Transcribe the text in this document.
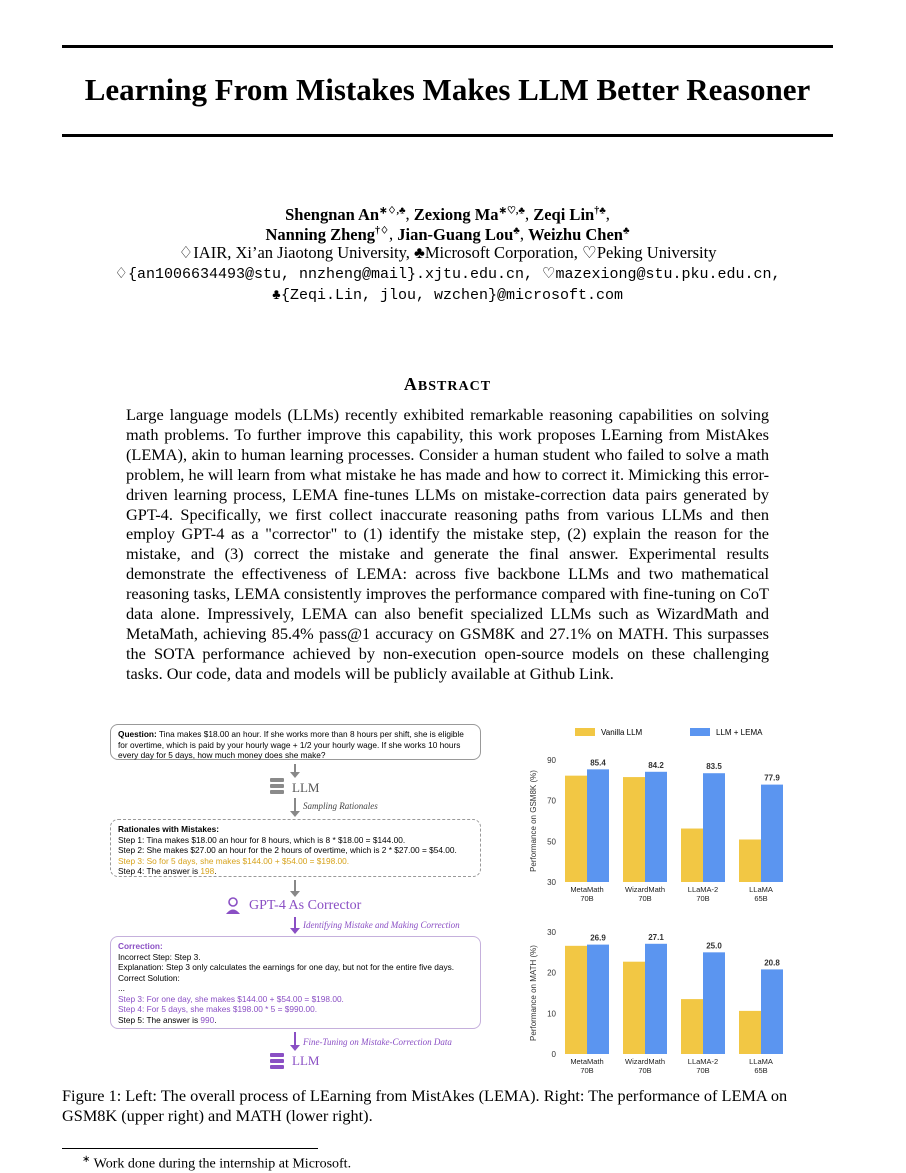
Learning From Mistakes Makes LLM Better Reasoner
Shengnan An∗♢,♣, Zexiong Ma∗♡,♣, Zeqi Lin†♣,
Nanning Zheng†♢, Jian-Guang Lou♣, Weizhu Chen♣
♢IAIR, Xi’an Jiaotong University, ♣Microsoft Corporation, ♡Peking University
♢{an1006634493@stu, nnzheng@mail}.xjtu.edu.cn, ♡mazexiong@stu.pku.edu.cn,
♣{Zeqi.Lin, jlou, wzchen}@microsoft.com
ABSTRACT
Large language models (LLMs) recently exhibited remarkable reasoning capabilities on solving math problems. To further improve this capability, this work proposes LEarning from MistAkes (LEMA), akin to human learning processes. Consider a human student who failed to solve a math problem, he will learn from what mistake he has made and how to correct it. Mimicking this error-driven learning process, LEMA fine-tunes LLMs on mistake-correction data pairs generated by GPT-4. Specifically, we first collect inaccurate reasoning paths from various LLMs and then employ GPT-4 as a "corrector" to (1) identify the mistake step, (2) explain the reason for the mistake, and (3) correct the mistake and generate the final answer. Experimental results demonstrate the effectiveness of LEMA: across five backbone LLMs and two mathematical reasoning tasks, LEMA consistently improves the performance compared with fine-tuning on CoT data alone. Impressively, LEMA can also benefit specialized LLMs such as WizardMath and MetaMath, achieving 85.4% pass@1 accuracy on GSM8K and 27.1% on MATH. This surpasses the SOTA performance achieved by non-execution open-source models on these challenging tasks. Our code, data and models will be publicly available at Github Link.
Question: Tina makes $18.00 an hour. If she works more than 8 hours per shift, she is eligible for overtime, which is paid by your hourly wage + 1/2 your hourly wage. If she works 10 hours every day for 5 days, how much money does she make?
LLM
Sampling Rationales
Rationales with Mistakes:
Step 1: Tina makes $18.00 an hour for 8 hours, which is 8 * $18.00 = $144.00.
Step 2: She makes $27.00 an hour for the 2 hours of overtime, which is 2 * $27.00 = $54.00.
Step 3: So for 5 days, she makes $144.00 + $54.00 = $198.00.
Step 4: The answer is 198.
GPT-4 As Corrector
Identifying Mistake and Making Correction
Correction:
Incorrect Step: Step 3.
Explanation: Step 3 only calculates the earnings for one day, but not for the entire five days.
Correct Solution:
...
Step 3: For one day, she makes $144.00 + $54.00 = $198.00.
Step 4: For 5 days, she makes $198.00 * 5 = $990.00.
Step 5: The answer is 990.
Fine-Tuning on Mistake-Correction Data
LLM
Vanilla LLM	LLM + LEMA
30
50
70
90
Performance on GSM8K (%)
85.4
MetaMath
70B
84.2
WizardMath
70B
83.5
LLaMA-2
70B
77.9
LLaMA
65B
0
10
20
30
Performance on MATH (%)
26.9
MetaMath
70B
27.1
WizardMath
70B
25.0
LLaMA-2
70B
20.8
LLaMA
65B
Figure 1: Left: The overall process of LEarning from MistAkes (LEMA). Right: The performance of LEMA on GSM8K (upper right) and MATH (lower right).
∗ Work done during the internship at Microsoft.
